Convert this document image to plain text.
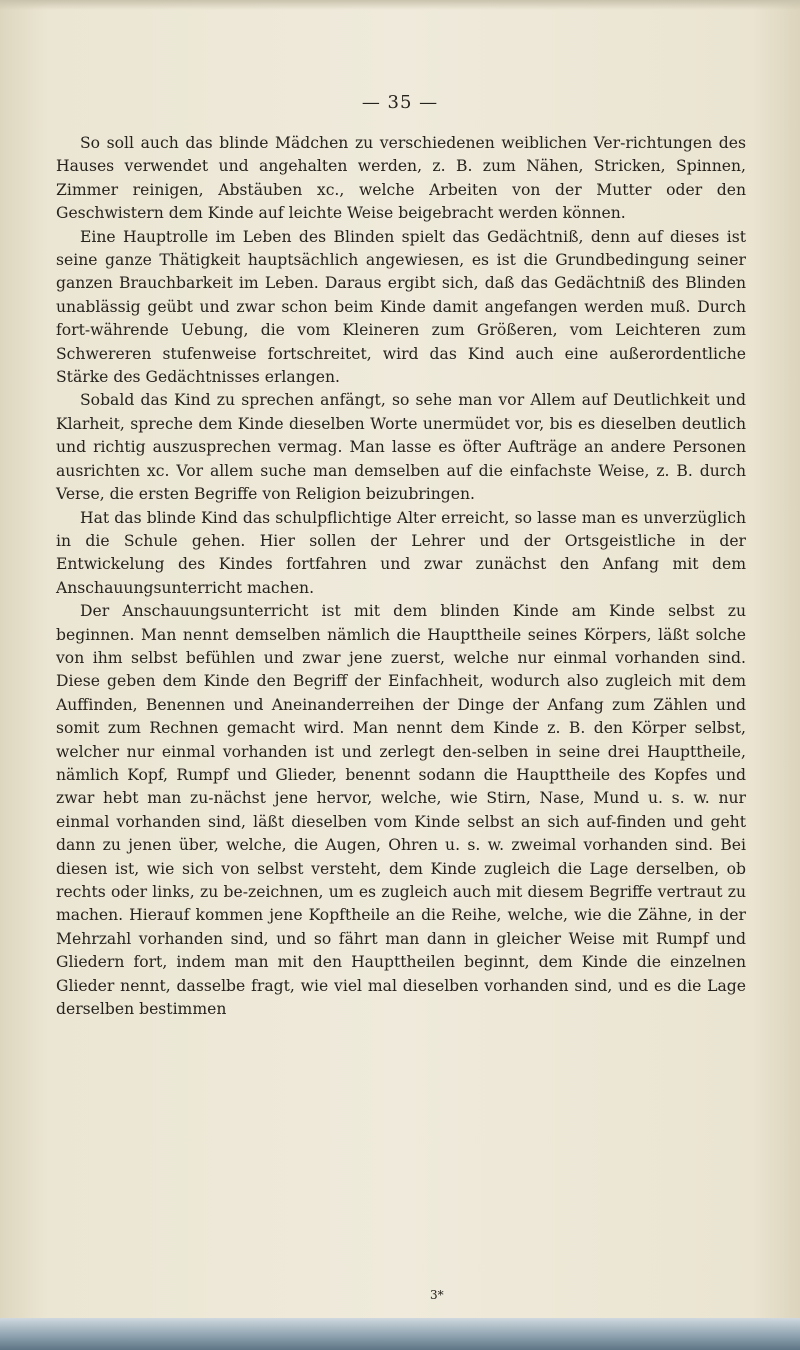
— 35 —

So soll auch das blinde Mädchen zu verschiedenen weiblichen Ver-richtungen des Hauses verwendet und angehalten werden, z. B. zum Nähen, Stricken, Spinnen, Zimmer reinigen, Abstäuben xc., welche Arbeiten von der Mutter oder den Geschwistern dem Kinde auf leichte Weise beigebracht werden können.

Eine Hauptrolle im Leben des Blinden spielt das Gedächtniß, denn auf dieses ist seine ganze Thätigkeit hauptsächlich angewiesen, es ist die Grundbedingung seiner ganzen Brauchbarkeit im Leben. Daraus ergibt sich, daß das Gedächtniß des Blinden unablässig geübt und zwar schon beim Kinde damit angefangen werden muß. Durch fort-währende Uebung, die vom Kleineren zum Größeren, vom Leichteren zum Schwereren stufenweise fortschreitet, wird das Kind auch eine außerordentliche Stärke des Gedächtnisses erlangen.

Sobald das Kind zu sprechen anfängt, so sehe man vor Allem auf Deutlichkeit und Klarheit, spreche dem Kinde dieselben Worte unermüdet vor, bis es dieselben deutlich und richtig auszusprechen vermag. Man lasse es öfter Aufträge an andere Personen ausrichten xc. Vor allem suche man demselben auf die einfachste Weise, z. B. durch Verse, die ersten Begriffe von Religion beizubringen.

Hat das blinde Kind das schulpflichtige Alter erreicht, so lasse man es unverzüglich in die Schule gehen. Hier sollen der Lehrer und der Ortsgeistliche in der Entwickelung des Kindes fortfahren und zwar zunächst den Anfang mit dem Anschauungsunterricht machen.

Der Anschauungsunterricht ist mit dem blinden Kinde am Kinde selbst zu beginnen. Man nennt demselben nämlich die Haupttheile seines Körpers, läßt solche von ihm selbst befühlen und zwar jene zuerst, welche nur einmal vorhanden sind. Diese geben dem Kinde den Begriff der Einfachheit, wodurch also zugleich mit dem Auffinden, Benennen und Aneinanderreihen der Dinge der Anfang zum Zählen und somit zum Rechnen gemacht wird. Man nennt dem Kinde z. B. den Körper selbst, welcher nur einmal vorhanden ist und zerlegt den-selben in seine drei Haupttheile, nämlich Kopf, Rumpf und Glieder, benennt sodann die Haupttheile des Kopfes und zwar hebt man zu-nächst jene hervor, welche, wie Stirn, Nase, Mund u. s. w. nur einmal vorhanden sind, läßt dieselben vom Kinde selbst an sich auf-finden und geht dann zu jenen über, welche, die Augen, Ohren u. s. w. zweimal vorhanden sind. Bei diesen ist, wie sich von selbst versteht, dem Kinde zugleich die Lage derselben, ob rechts oder links, zu be-zeichnen, um es zugleich auch mit diesem Begriffe vertraut zu machen. Hierauf kommen jene Kopftheile an die Reihe, welche, wie die Zähne, in der Mehrzahl vorhanden sind, und so fährt man dann in gleicher Weise mit Rumpf und Gliedern fort, indem man mit den Haupttheilen beginnt, dem Kinde die einzelnen Glieder nennt, dasselbe fragt, wie viel mal dieselben vorhanden sind, und es die Lage derselben bestimmen

3*
